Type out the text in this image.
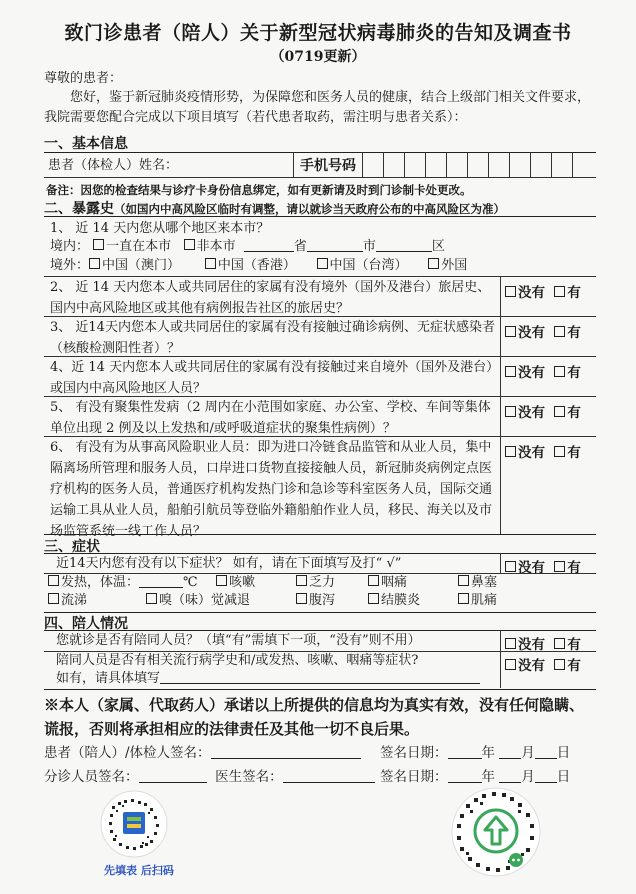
致门诊患者（陪人）关于新型冠状病毒肺炎的告知及调查书
（0719更新）
尊敬的患者：
您好，鉴于新冠肺炎疫情形势，为保障您和医务人员的健康，结合上级部门相关文件要求，我院需要您配合完成以下项目填写（若代患者取药，需注明与患者关系）：
一、基本信息
患者（体检人）姓名：	手机号码
备注：因您的检查结果与诊疗卡身份信息绑定，如有更新请及时到门诊制卡处更改。
二、暴露史（如国内中高风险区临时有调整，请以就诊当天政府公布的中高风险区为准）
1、 近 14 天内您从哪个地区来本市？
境内： 一直在本市 非本市	省	市	区
境外： 中国（澳门）	中国（香港）	中国（台湾）	外国
2、 近 14 天内您本人或共同居住的家属有没有境外（国外及港台）旅居史、国内中高风险地区或其他有病例报告社区的旅居史？
没有 有
3、 近14天内您本人或共同居住的家属有没有接触过确诊病例、无症状感染者（核酸检测阳性者）？
没有 有
4、近 14 天内您本人或共同居住的家属有没有接触过来自境外（国外及港台）或国内中高风险地区人员？
没有 有
5、 有没有聚集性发病（2 周内在小范围如家庭、办公室、学校、车间等集体单位出现 2 例及以上发热和/或呼吸道症状的聚集性病例）？
没有 有
6、 有没有为从事高风险职业人员：即为进口冷链食品监管和从业人员，集中隔离场所管理和服务人员，口岸进口货物直接接触人员，新冠肺炎病例定点医疗机构的医务人员，普通医疗机构发热门诊和急诊等科室医务人员，国际交通运输工具从业人员，船舶引航员等登临外籍船舶作业人员，移民、海关以及市场监管系统一线工作人员？
没有 有
三、症状
近14天内您有没有以下症状？ 如有，请在下面填写及打“ √”	没有 有
发热，体温：	℃	咳嗽	乏力	咽痛	鼻塞
流涕	嗅（味）觉减退	腹泻	结膜炎	肌痛
四、陪人情况
您就诊是否有陪同人员？（填“有”需填下一项，“没有”则不用）	没有 有
陪同人员是否有相关流行病学史和/或发热、咳嗽、咽痛等症状?	没有 有
如有，请具体填写
※本人（家属、代取药人）承诺以上所提供的信息均为真实有效，没有任何隐瞒、谎报，否则将承担相应的法律责任及其他一切不良后果。
患者（陪人）/体检人签名：	签名日期：	年 月 日
分诊人员签名：	医生签名：	签名日期：	年 月 日
先填表 后扫码
